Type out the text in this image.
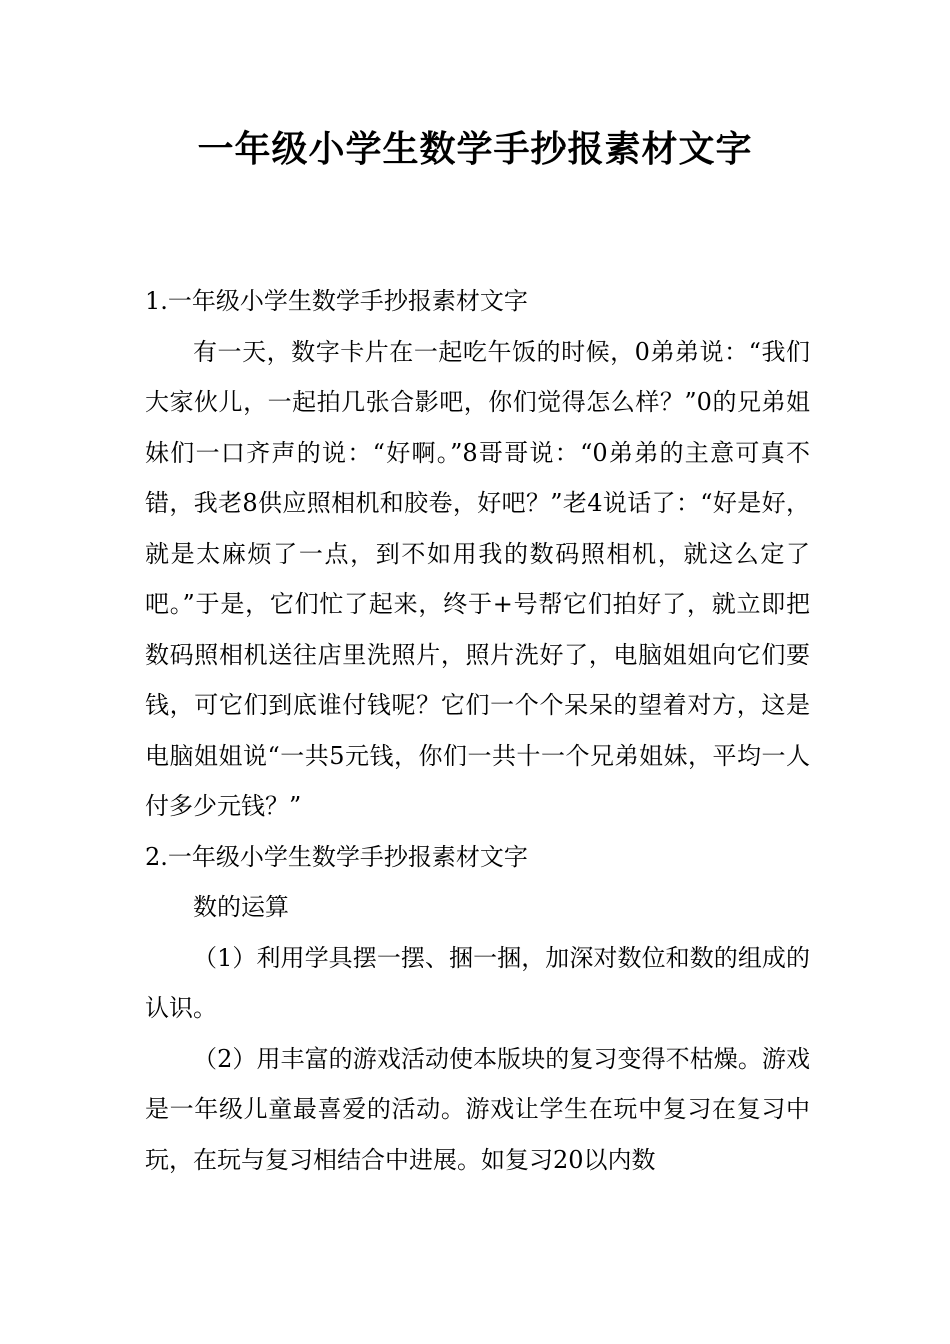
一年级小学生数学手抄报素材文字

1.一年级小学生数学手抄报素材文字

有一天，数字卡片在一起吃午饭的时候，0弟弟说：“我们大家伙儿，一起拍几张合影吧，你们觉得怎么样？”0的兄弟姐妹们一口齐声的说：“好啊。”8哥哥说：“0弟弟的主意可真不错，我老8供应照相机和胶卷，好吧？”老4说话了：“好是好，就是太麻烦了一点，到不如用我的数码照相机，就这么定了吧。”于是，它们忙了起来，终于+号帮它们拍好了，就立即把数码照相机送往店里洗照片，照片洗好了，电脑姐姐向它们要钱，可它们到底谁付钱呢？它们一个个呆呆的望着对方，这是电脑姐姐说“一共5元钱，你们一共十一个兄弟姐妹，平均一人付多少元钱？”

2.一年级小学生数学手抄报素材文字

数的运算

（1）利用学具摆一摆、捆一捆，加深对数位和数的组成的认识。

（2）用丰富的游戏活动使本版块的复习变得不枯燥。游戏是一年级儿童最喜爱的活动。游戏让学生在玩中复习在复习中玩，在玩与复习相结合中进展。如复习20以内数
